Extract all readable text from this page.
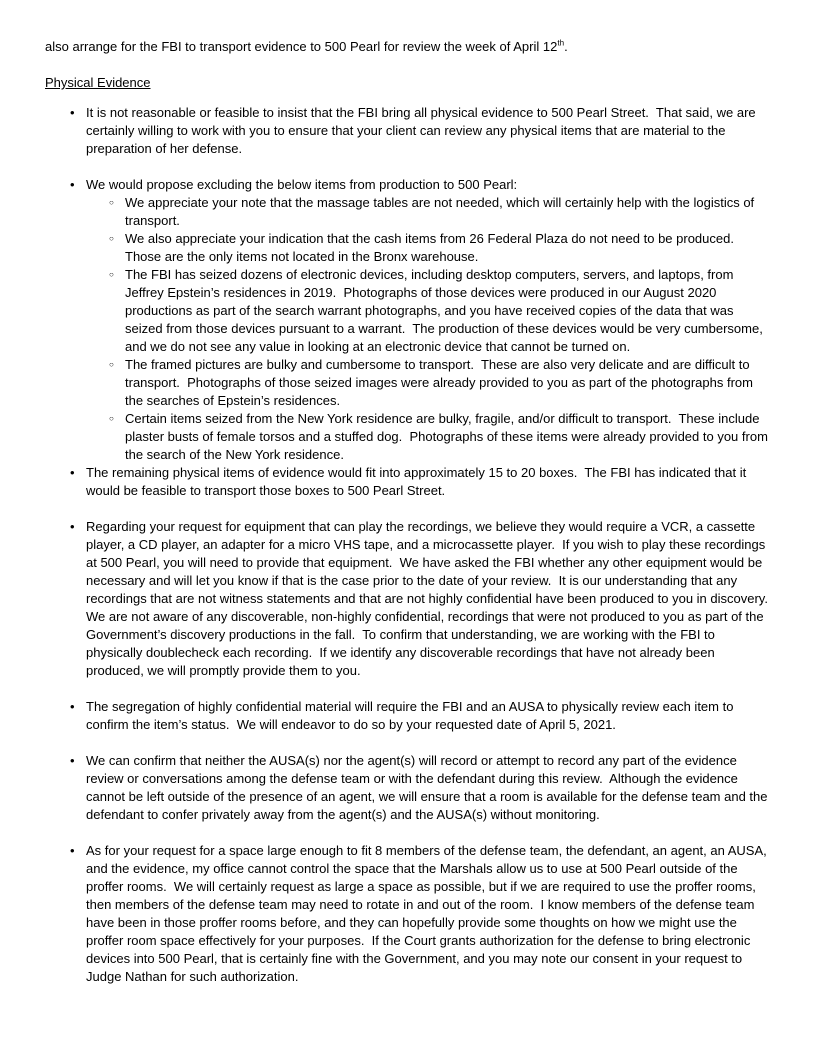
also arrange for the FBI to transport evidence to 500 Pearl for review the week of April 12th.

Physical Evidence
• It is not reasonable or feasible to insist that the FBI bring all physical evidence to 500 Pearl Street.  That said, we are certainly willing to work with you to ensure that your client can review any physical items that are material to the preparation of her defense.
• We would propose excluding the below items from production to 500 Pearl:
○ We appreciate your note that the massage tables are not needed, which will certainly help with the logistics of transport.
○ We also appreciate your indication that the cash items from 26 Federal Plaza do not need to be produced.  Those are the only items not located in the Bronx warehouse.
○ The FBI has seized dozens of electronic devices, including desktop computers, servers, and laptops, from Jeffrey Epstein’s residences in 2019.  Photographs of those devices were produced in our August 2020 productions as part of the search warrant photographs, and you have received copies of the data that was seized from those devices pursuant to a warrant.  The production of these devices would be very cumbersome, and we do not see any value in looking at an electronic device that cannot be turned on.
○ The framed pictures are bulky and cumbersome to transport.  These are also very delicate and are difficult to transport.  Photographs of those seized images were already provided to you as part of the photographs from the searches of Epstein’s residences.
○ Certain items seized from the New York residence are bulky, fragile, and/or difficult to transport.  These include plaster busts of female torsos and a stuffed dog.  Photographs of these items were already provided to you from the search of the New York residence.
• The remaining physical items of evidence would fit into approximately 15 to 20 boxes.  The FBI has indicated that it would be feasible to transport those boxes to 500 Pearl Street.
• Regarding your request for equipment that can play the recordings, we believe they would require a VCR, a cassette player, a CD player, an adapter for a micro VHS tape, and a microcassette player.  If you wish to play these recordings at 500 Pearl, you will need to provide that equipment.  We have asked the FBI whether any other equipment would be necessary and will let you know if that is the case prior to the date of your review.  It is our understanding that any recordings that are not witness statements and that are not highly confidential have been produced to you in discovery.  We are not aware of any discoverable, non-highly confidential, recordings that were not produced to you as part of the Government’s discovery productions in the fall.  To confirm that understanding, we are working with the FBI to physically doublecheck each recording.  If we identify any discoverable recordings that have not already been produced, we will promptly provide them to you.
• The segregation of highly confidential material will require the FBI and an AUSA to physically review each item to confirm the item’s status.  We will endeavor to do so by your requested date of April 5, 2021.
• We can confirm that neither the AUSA(s) nor the agent(s) will record or attempt to record any part of the evidence review or conversations among the defense team or with the defendant during this review.  Although the evidence cannot be left outside of the presence of an agent, we will ensure that a room is available for the defense team and the defendant to confer privately away from the agent(s) and the AUSA(s) without monitoring.
• As for your request for a space large enough to fit 8 members of the defense team, the defendant, an agent, an AUSA, and the evidence, my office cannot control the space that the Marshals allow us to use at 500 Pearl outside of the proffer rooms.  We will certainly request as large a space as possible, but if we are required to use the proffer rooms, then members of the defense team may need to rotate in and out of the room.  I know members of the defense team have been in those proffer rooms before, and they can hopefully provide some thoughts on how we might use the proffer room space effectively for your purposes.  If the Court grants authorization for the defense to bring electronic devices into 500 Pearl, that is certainly fine with the Government, and you may note our consent in your request to Judge Nathan for such authorization.
